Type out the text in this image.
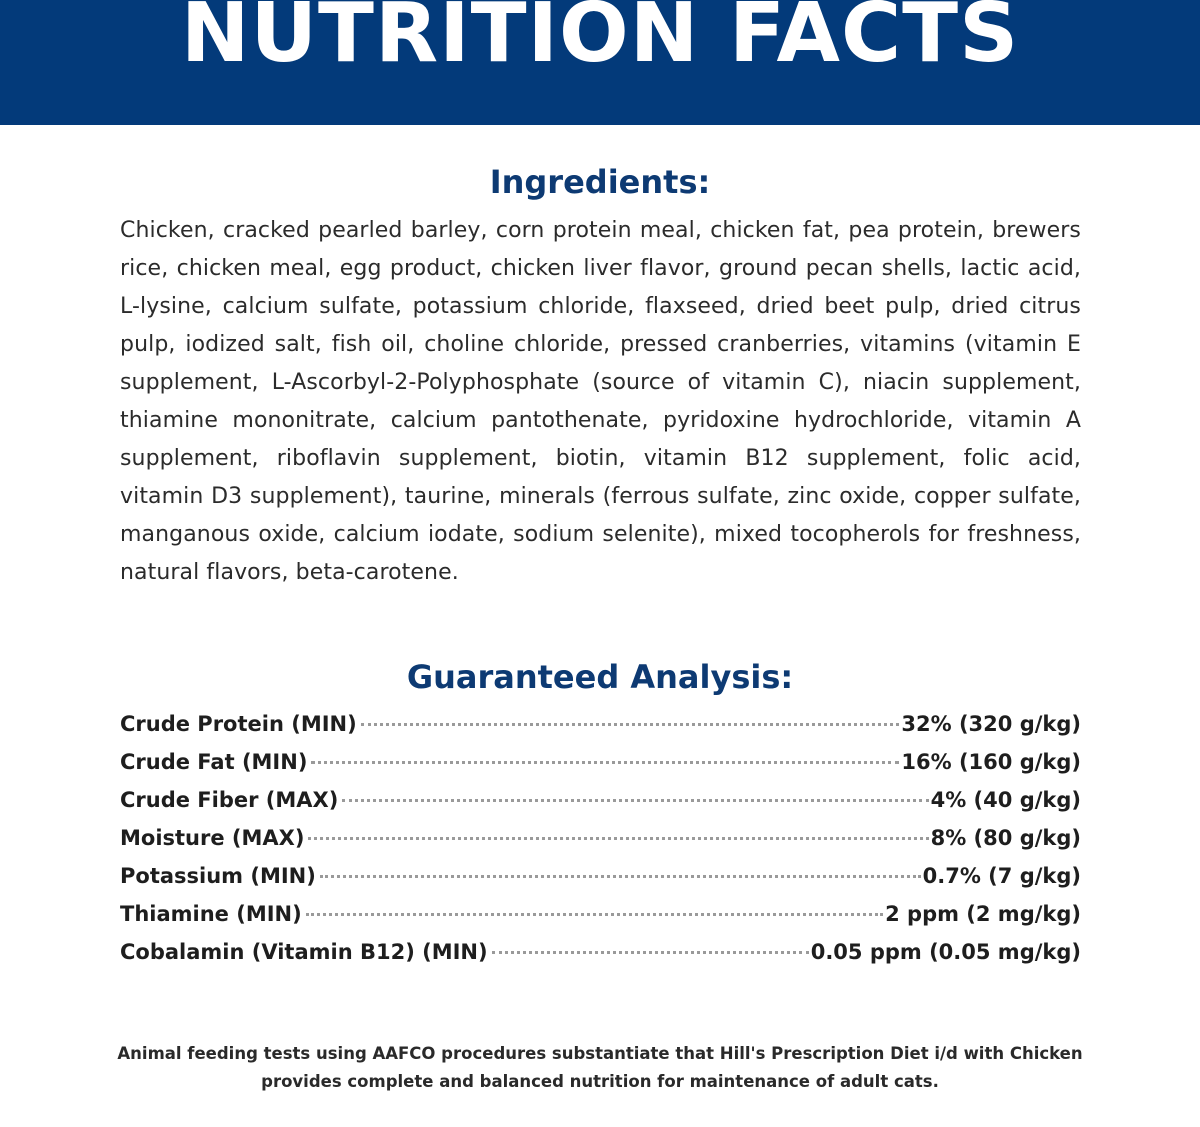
NUTRITION FACTS
Ingredients:

Chicken, cracked pearled barley, corn protein meal, chicken fat, pea protein, brewers rice, chicken meal, egg product, chicken liver flavor, ground pecan shells, lactic acid, L-lysine, calcium sulfate, potassium chloride, flaxseed, dried beet pulp, dried citrus pulp, iodized salt, fish oil, choline chloride, pressed cranberries, vitamins (vitamin E supplement, L-Ascorbyl-2-Polyphosphate (source of vitamin C), niacin supplement, thiamine mononitrate, calcium pantothenate, pyridoxine hydrochloride, vitamin A supplement, riboflavin supplement, biotin, vitamin B12 supplement, folic acid, vitamin D3 supplement), taurine, minerals (ferrous sulfate, zinc oxide, copper sulfate, manganous oxide, calcium iodate, sodium selenite), mixed tocopherols for freshness, natural flavors, beta-carotene.

Guaranteed Analysis:
Crude Protein (MIN)	32% (320 g/kg)
Crude Fat (MIN)	16% (160 g/kg)
Crude Fiber (MAX)	4% (40 g/kg)
Moisture (MAX)	8% (80 g/kg)
Potassium (MIN)	0.7% (7 g/kg)
Thiamine (MIN)	2 ppm (2 mg/kg)
Cobalamin (Vitamin B12) (MIN)	0.05 ppm (0.05 mg/kg)

Animal feeding tests using AAFCO procedures substantiate that Hill's Prescription Diet i/d with Chicken
provides complete and balanced nutrition for maintenance of adult cats.
